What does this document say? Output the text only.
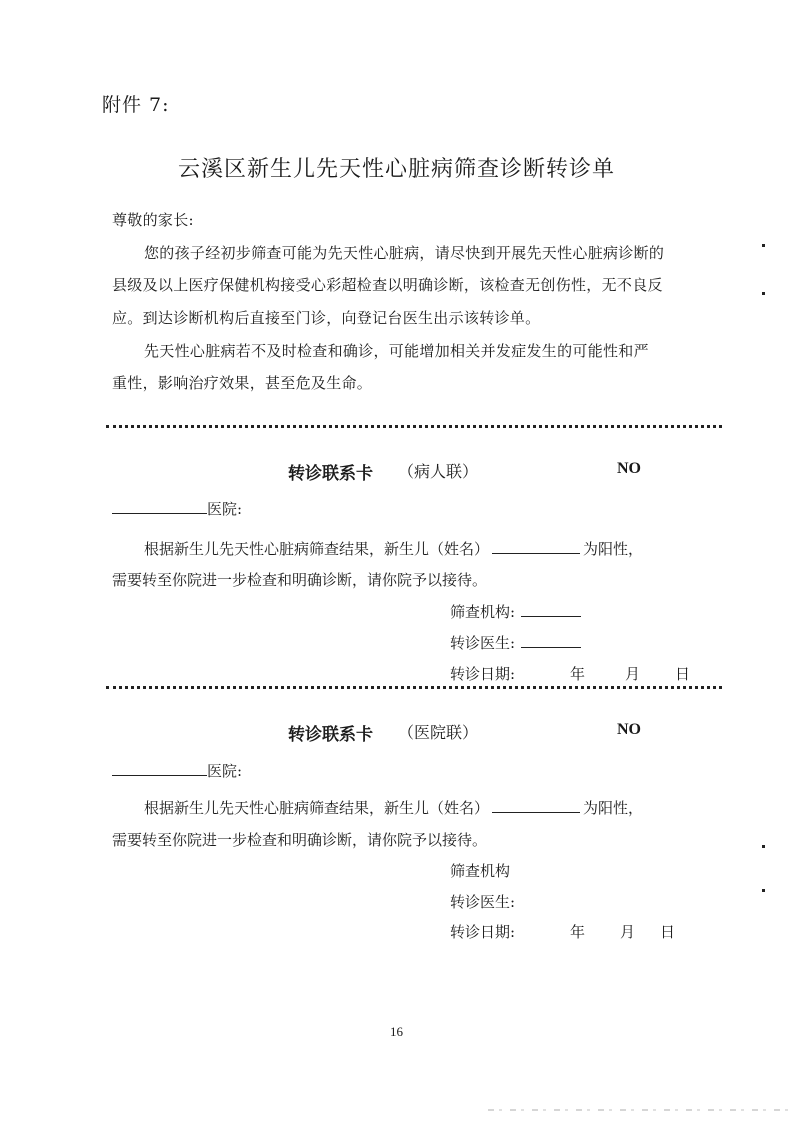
附件 7:
云溪区新生儿先天性心脏病筛查诊断转诊单
尊敬的家长:
您的孩子经初步筛查可能为先天性心脏病，请尽快到开展先天性心脏病诊断的
县级及以上医疗保健机构接受心彩超检查以明确诊断，该检查无创伤性，无不良反
应。到达诊断机构后直接至门诊，向登记台医生出示该转诊单。
先天性心脏病若不及时检查和确诊，可能增加相关并发症发生的可能性和严
重性，影响治疗效果，甚至危及生命。
转诊联系卡 （病人联）	NO
医院:
根据新生儿先天性心脏病筛查结果，新生儿（姓名）	为阳性，
需要转至你院进一步检查和明确诊断，请你院予以接待。
筛查机构:
转诊医生:
转诊日期:	年	月 日
转诊联系卡 （医院联）	NO
医院:
根据新生儿先天性心脏病筛查结果，新生儿（姓名）	为阳性，
需要转至你院进一步检查和明确诊断，请你院予以接待。
筛查机构
转诊医生:
转诊日期:	年 月 日
16
